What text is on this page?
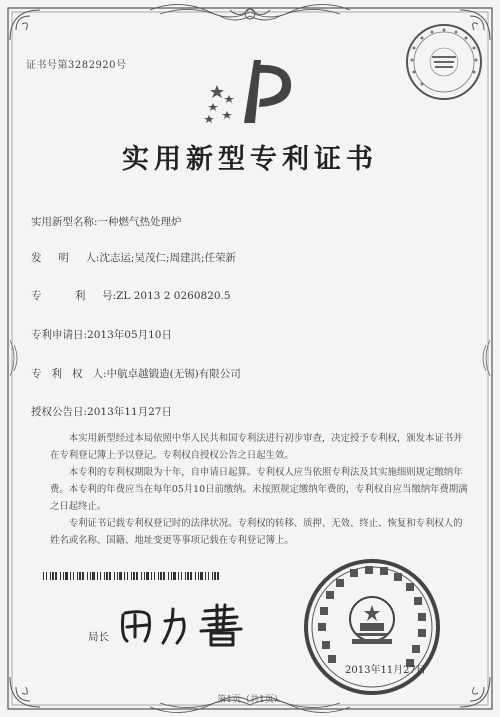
证书号第3282920号
实用新型专利证书
实用新型名称:一种燃气热处理炉
发     明     人:沈志运;吴茂仁;周建洪;任荣新
专          利     号:ZL 2013 2 0260820.5
专利申请日:2013年05月10日
专   利   权   人:中航卓越锻造(无锡)有限公司
授权公告日:2013年11月27日

本实用新型经过本局依照中华人民共和国专利法进行初步审查，决定授予专利权，颁发本证书并在专利登记簿上予以登记。专利权自授权公告之日起生效。

本专利的专利权期限为十年，自申请日起算。专利权人应当依照专利法及其实施细则规定缴纳年费。本专利的年费应当在每年05月10日前缴纳。未按照规定缴纳年费的，专利权自应当缴纳年费期满之日起终止。

专利证书记载专利权登记时的法律状况。专利权的转移、质押、无效、终止、恢复和专利权人的姓名或名称、国籍、地址变更等事项记载在专利登记簿上。

局长
2013年11月27日
第1页（共1页）
